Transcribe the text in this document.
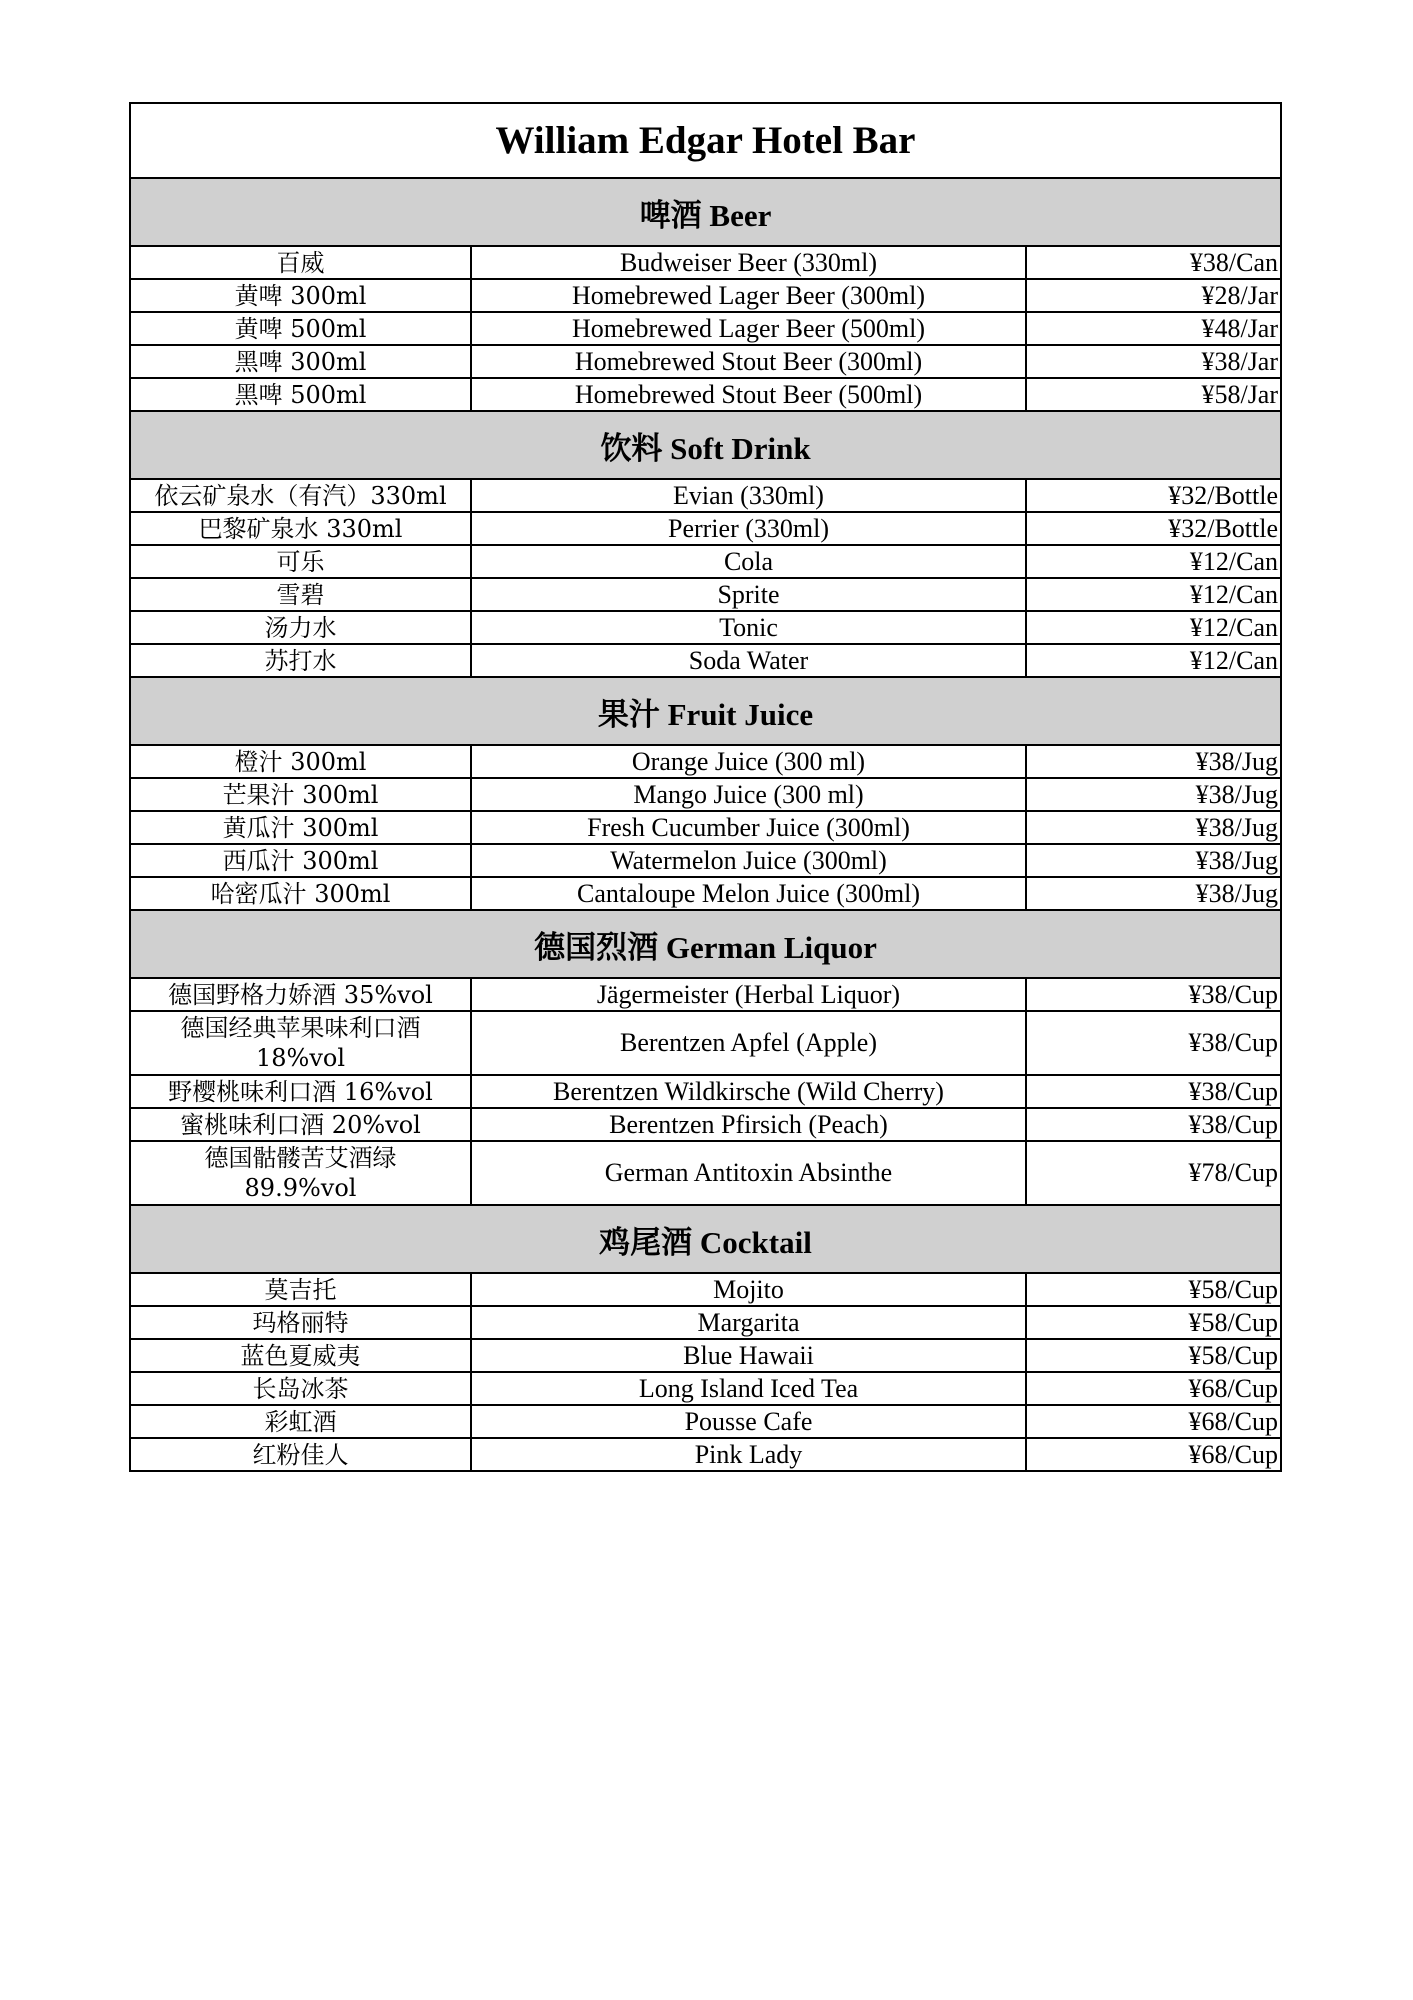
William Edgar Hotel Bar		
啤酒 Beer		
百威	Budweiser Beer (330ml)	¥38/Can
黄啤 300ml	Homebrewed Lager Beer (300ml)	¥28/Jar
黄啤 500ml	Homebrewed Lager Beer (500ml)	¥48/Jar
黑啤 300ml	Homebrewed Stout Beer (300ml)	¥38/Jar
黑啤 500ml	Homebrewed Stout Beer (500ml)	¥58/Jar
饮料 Soft Drink		
依云矿泉水（有汽）330ml	Evian (330ml)	¥32/Bottle
巴黎矿泉水 330ml	Perrier (330ml)	¥32/Bottle
可乐	Cola	¥12/Can
雪碧	Sprite	¥12/Can
汤力水	Tonic	¥12/Can
苏打水	Soda Water	¥12/Can
果汁 Fruit Juice		
橙汁 300ml	Orange Juice (300 ml)	¥38/Jug
芒果汁 300ml	Mango Juice (300 ml)	¥38/Jug
黄瓜汁 300ml	Fresh Cucumber Juice (300ml)	¥38/Jug
西瓜汁 300ml	Watermelon Juice (300ml)	¥38/Jug
哈密瓜汁 300ml	Cantaloupe Melon Juice (300ml)	¥38/Jug
德国烈酒 German Liquor		
德国野格力娇酒 35%vol	Jägermeister (Herbal Liquor)	¥38/Cup
德国经典苹果味利口酒
18%vol	Berentzen Apfel (Apple)	¥38/Cup
野樱桃味利口酒 16%vol	Berentzen Wildkirsche (Wild Cherry)	¥38/Cup
蜜桃味利口酒 20%vol	Berentzen Pfirsich (Peach)	¥38/Cup
德国骷髅苦艾酒绿
89.9%vol	German Antitoxin Absinthe	¥78/Cup
鸡尾酒 Cocktail		
莫吉托	Mojito	¥58/Cup
玛格丽特	Margarita	¥58/Cup
蓝色夏威夷	Blue Hawaii	¥58/Cup
长岛冰茶	Long Island Iced Tea	¥68/Cup
彩虹酒	Pousse Cafe	¥68/Cup
红粉佳人	Pink Lady	¥68/Cup
